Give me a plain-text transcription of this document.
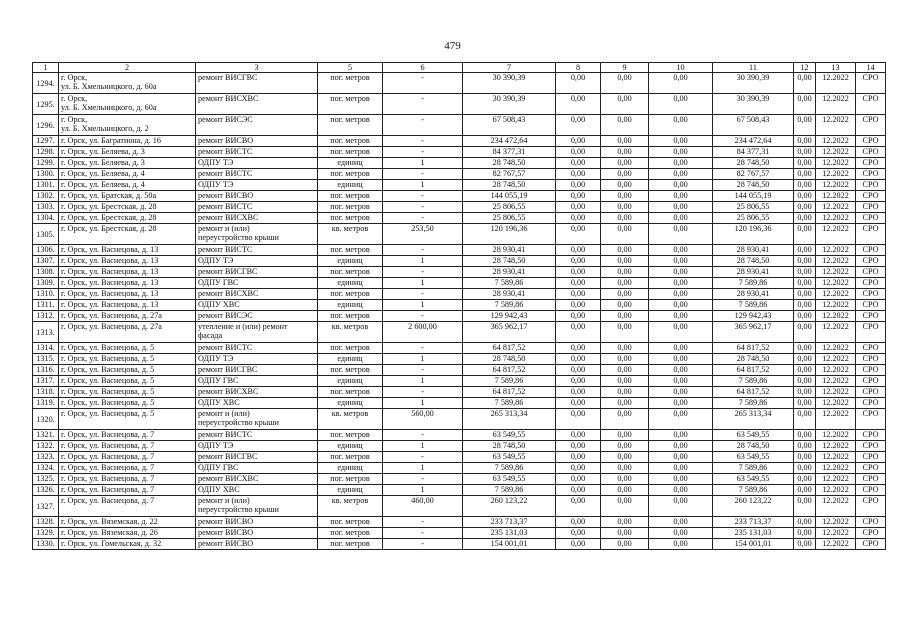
479
1	2	3	5	6	7	8	9	10	11	12	13	14
1294.	г. Орск,
ул. Б. Хмельницкого, д. 60а	ремонт ВИСГВС	пог. метров	-	30 390,39	0,00	0,00	0,00	30 390,39	0,00	12.2022	СРО
1295.	г. Орск,
ул. Б. Хмельницкого, д. 60а	ремонт ВИСХВС	пог. метров	-	30 390,39	0,00	0,00	0,00	30 390,39	0,00	12.2022	СРО
1296.	г. Орск,
ул. Б. Хмельницкого, д. 2	ремонт ВИСЭС	пог. метров	-	67 508,43	0,00	0,00	0,00	67 508,43	0,00	12.2022	СРО
1297.	г. Орск, ул. Багратиона, д. 16	ремонт ВИСВО	пог. метров	-	234 472,64	0,00	0,00	0,00	234 472,64	0,00	12.2022	СРО
1298.	г. Орск, ул. Беляева, д. 3	ремонт ВИСТС	пог. метров	-	84 377,31	0,00	0,00	0,00	84 377,31	0,00	12.2022	СРО
1299.	г. Орск, ул. Беляева, д. 3	ОДПУ ТЭ	единиц	1	28 748,50	0,00	0,00	0,00	28 748,50	0,00	12.2022	СРО
1300.	г. Орск, ул. Беляева, д. 4	ремонт ВИСТС	пог. метров	-	82 767,57	0,00	0,00	0,00	82 767,57	0,00	12.2022	СРО
1301.	г. Орск, ул. Беляева, д. 4	ОДПУ ТЭ	единиц	1	28 748,50	0,00	0,00	0,00	28 748,50	0,00	12.2022	СРО
1302.	г. Орск, ул. Братская, д. 50а	ремонт ВИСВО	пог. метров	-	144 055,19	0,00	0,00	0,00	144 055,19	0,00	12.2022	СРО
1303.	г. Орск, ул. Брестская, д. 28	ремонт ВИСТС	пог. метров	-	25 806,55	0,00	0,00	0,00	25 806,55	0,00	12.2022	СРО
1304.	г. Орск, ул. Брестская, д. 28	ремонт ВИСХВС	пог. метров	-	25 806,55	0,00	0,00	0,00	25 806,55	0,00	12.2022	СРО
1305.	г. Орск, ул. Брестская, д. 28	ремонт и (или)
переустройство крыши	кв. метров	253,50	120 196,36	0,00	0,00	0,00	120 196,36	0,00	12.2022	СРО
1306.	г. Орск, ул. Васнецова, д. 13	ремонт ВИСТС	пог. метров	-	28 930,41	0,00	0,00	0,00	28 930,41	0,00	12.2022	СРО
1307.	г. Орск, ул. Васнецова, д. 13	ОДПУ ТЭ	единиц	1	28 748,50	0,00	0,00	0,00	28 748,50	0,00	12.2022	СРО
1308.	г. Орск, ул. Васнецова, д. 13	ремонт ВИСГВС	пог. метров	-	28 930,41	0,00	0,00	0,00	28 930,41	0,00	12.2022	СРО
1309.	г. Орск, ул. Васнецова, д. 13	ОДПУ ГВС	единиц	1	7 589,86	0,00	0,00	0,00	7 589,86	0,00	12.2022	СРО
1310.	г. Орск, ул. Васнецова, д. 13	ремонт ВИСХВС	пог. метров	-	28 930,41	0,00	0,00	0,00	28 930,41	0,00	12.2022	СРО
1311.	г. Орск, ул. Васнецова, д. 13	ОДПУ ХВС	единиц	1	7 589,86	0,00	0,00	0,00	7 589,86	0,00	12.2022	СРО
1312.	г. Орск, ул. Васнецова, д. 27а	ремонт ВИСЭС	пог. метров	-	129 942,43	0,00	0,00	0,00	129 942,43	0,00	12.2022	СРО
1313.	г. Орск, ул. Васнецова, д. 27а	утепление и (или) ремонт
фасада	кв. метров	2 600,00	365 962,17	0,00	0,00	0,00	365 962,17	0,00	12.2022	СРО
1314.	г. Орск, ул. Васнецова, д. 5	ремонт ВИСТС	пог. метров	-	64 817,52	0,00	0,00	0,00	64 817,52	0,00	12.2022	СРО
1315.	г. Орск, ул. Васнецова, д. 5	ОДПУ ТЭ	единиц	1	28 748,50	0,00	0,00	0,00	28 748,50	0,00	12.2022	СРО
1316.	г. Орск, ул. Васнецова, д. 5	ремонт ВИСГВС	пог. метров	-	64 817,52	0,00	0,00	0,00	64 817,52	0,00	12.2022	СРО
1317.	г. Орск, ул. Васнецова, д. 5	ОДПУ ГВС	единиц	1	7 589,86	0,00	0,00	0,00	7 589,86	0,00	12.2022	СРО
1318.	г. Орск, ул. Васнецова, д. 5	ремонт ВИСХВС	пог. метров	-	64 817,52	0,00	0,00	0,00	64 817,52	0,00	12.2022	СРО
1319.	г. Орск, ул. Васнецова, д. 5	ОДПУ ХВС	единиц	1	7 589,86	0,00	0,00	0,00	7 589,86	0,00	12.2022	СРО
1320.	г. Орск, ул. Васнецова, д. 5	ремонт и (или)
переустройство крыши	кв. метров	560,00	265 313,34	0,00	0,00	0,00	265 313,34	0,00	12.2022	СРО
1321.	г. Орск, ул. Васнецова, д. 7	ремонт ВИСТС	пог. метров	-	63 549,55	0,00	0,00	0,00	63 549,55	0,00	12.2022	СРО
1322.	г. Орск, ул. Васнецова, д. 7	ОДПУ ТЭ	единиц	1	28 748,50	0,00	0,00	0,00	28 748,50	0,00	12.2022	СРО
1323.	г. Орск, ул. Васнецова, д. 7	ремонт ВИСГВС	пог. метров	-	63 549,55	0,00	0,00	0,00	63 549,55	0,00	12.2022	СРО
1324.	г. Орск, ул. Васнецова, д. 7	ОДПУ ГВС	единиц	1	7 589,86	0,00	0,00	0,00	7 589,86	0,00	12.2022	СРО
1325.	г. Орск, ул. Васнецова, д. 7	ремонт ВИСХВС	пог. метров	-	63 549,55	0,00	0,00	0,00	63 549,55	0,00	12.2022	СРО
1326.	г. Орск, ул. Васнецова, д. 7	ОДПУ ХВС	единиц	1	7 589,86	0,00	0,00	0,00	7 589,86	0,00	12.2022	СРО
1327.	г. Орск, ул. Васнецова, д. 7	ремонт и (или)
переустройство крыши	кв. метров	460,00	260 123,22	0,00	0,00	0,00	260 123,22	0,00	12.2022	СРО
1328.	г. Орск, ул. Вяземская, д. 22	ремонт ВИСВО	пог. метров	-	233 713,37	0,00	0,00	0,00	233 713,37	0,00	12.2022	СРО
1329.	г. Орск, ул. Вяземская, д. 26	ремонт ВИСВО	пог. метров	-	235 131,03	0,00	0,00	0,00	235 131,03	0,00	12.2022	СРО
1330.	г. Орск, ул. Гомельская, д. 32	ремонт ВИСВО	пог. метров	-	154 001,01	0,00	0,00	0,00	154 001,01	0,00	12.2022	СРО
